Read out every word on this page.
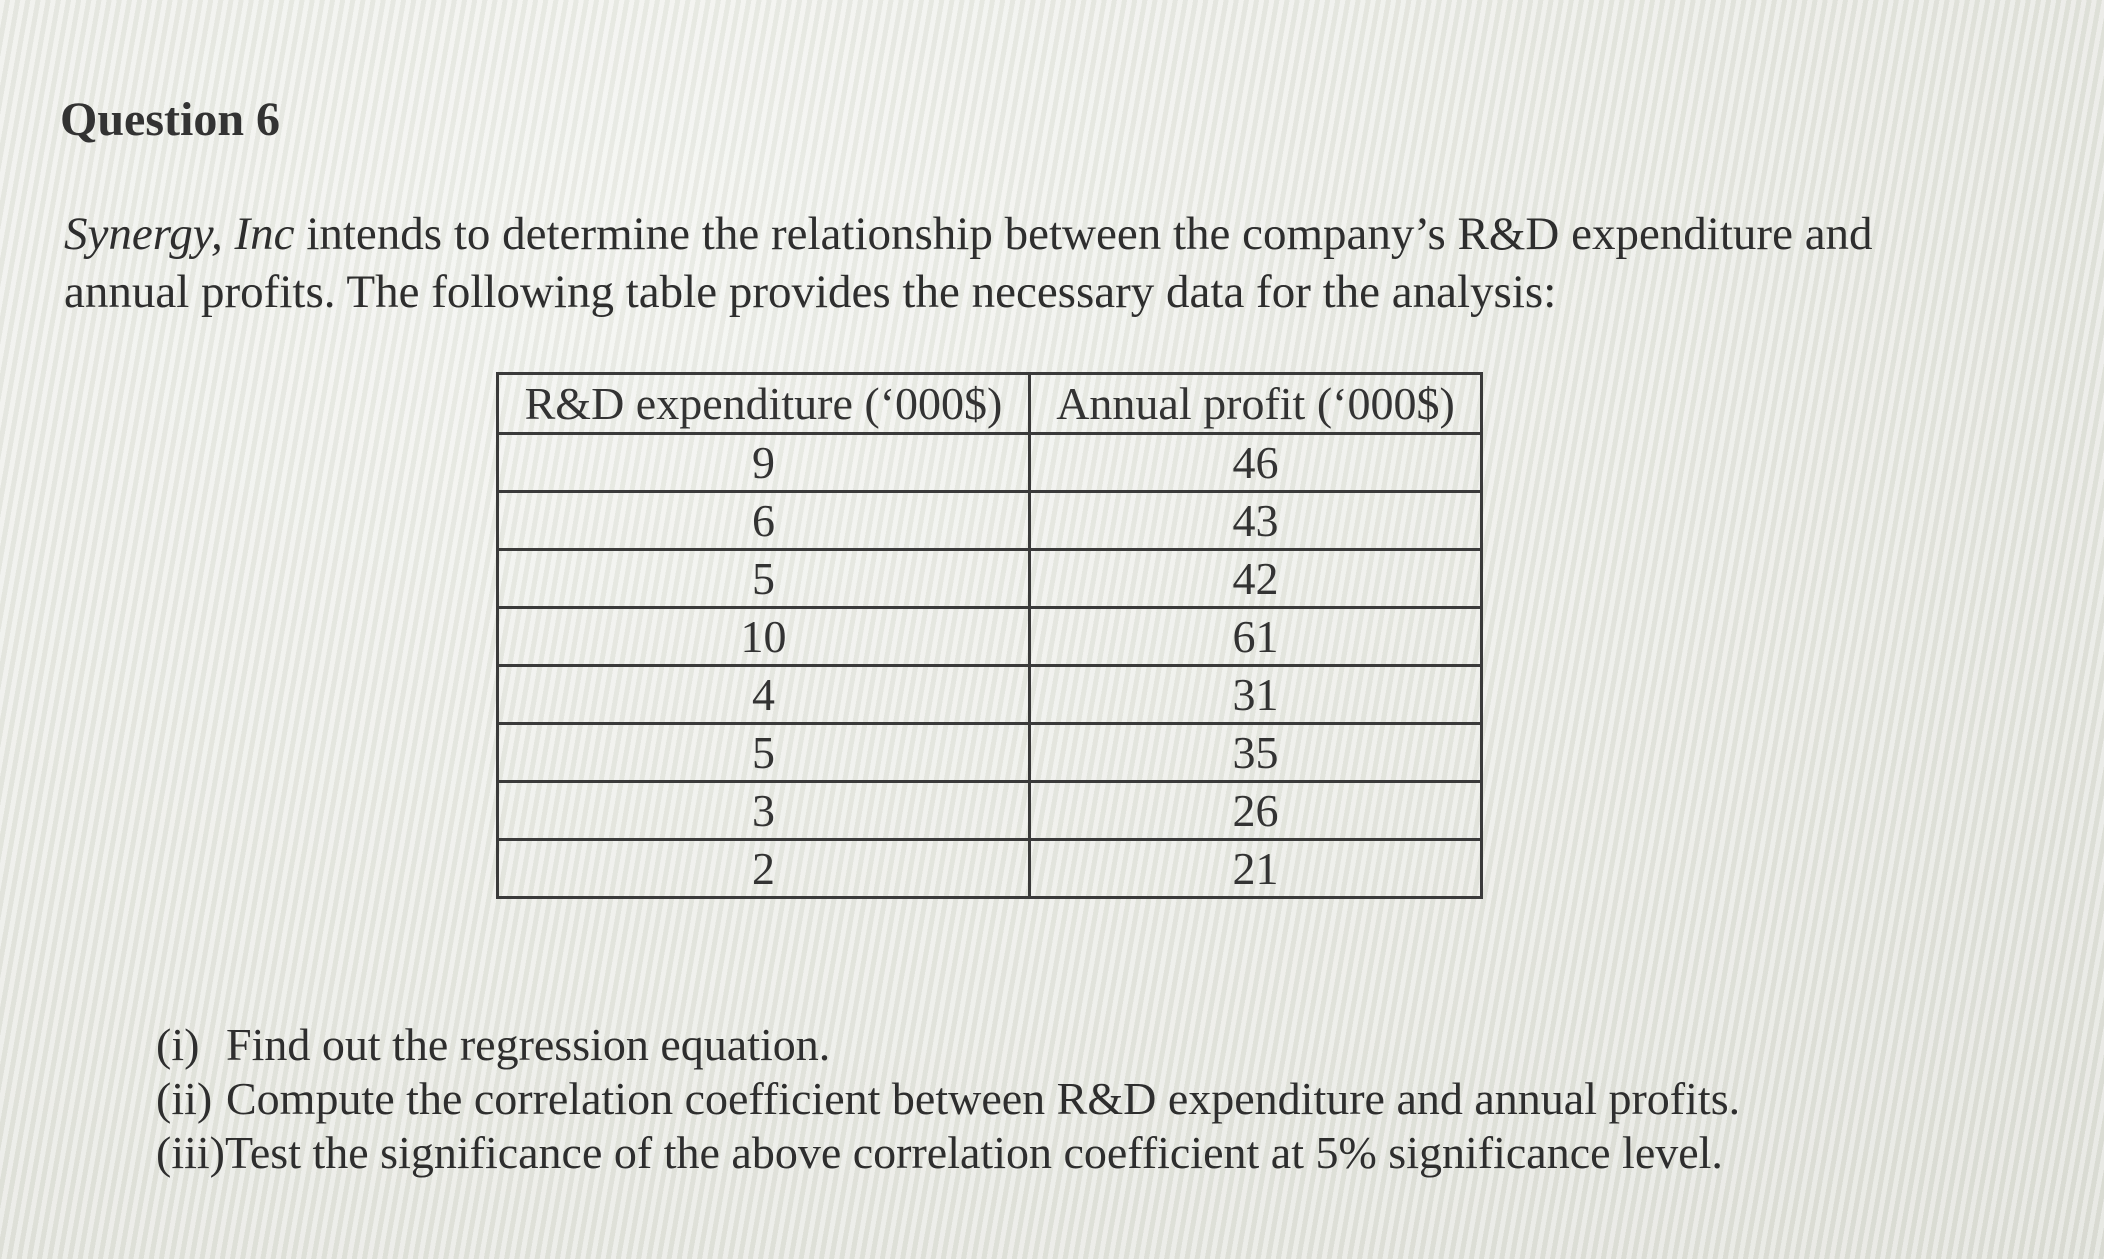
Question 6

Synergy, Inc intends to determine the relationship between the company’s R&D expenditure and
annual profits. The following table provides the necessary data for the analysis:

R&D expenditure (‘000$)	Annual profit (‘000$)
9	46
6	43
5	42
10	61
4	31
5	35
3	26
2	21
(i) Find out the regression equation.
(ii) Compute the correlation coefficient between R&D expenditure and annual profits.
(iii)Test the significance of the above correlation coefficient at 5% significance level.
